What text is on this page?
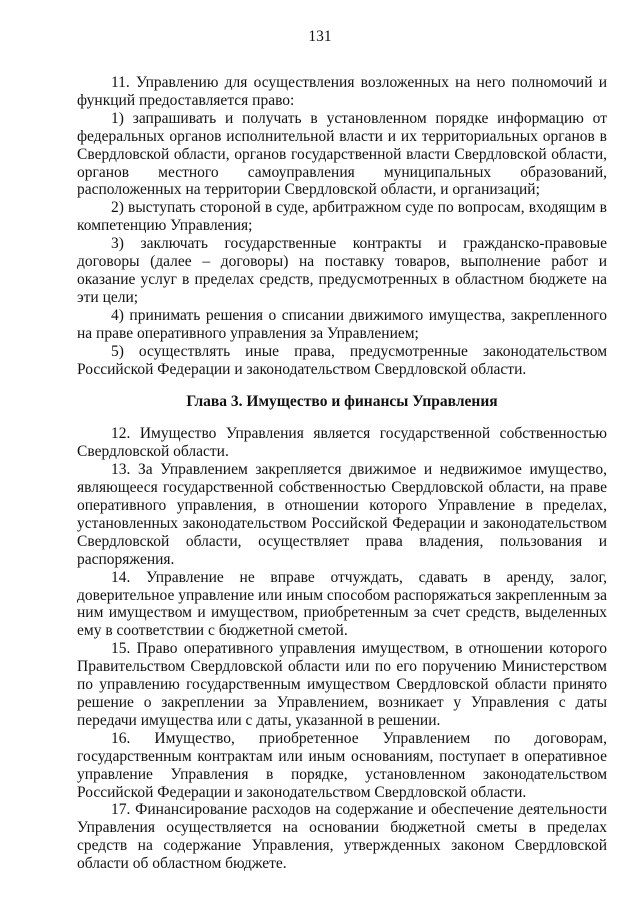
131

11. Управлению для осуществления возложенных на него полномочий и функций предоставляется право:

1) запрашивать и получать в установленном порядке информацию от федеральных органов исполнительной власти и их территориальных органов в Свердловской области, органов государственной власти Свердловской области, органов местного самоуправления муниципальных образований, расположенных на территории Свердловской области, и организаций;

2) выступать стороной в суде, арбитражном суде по вопросам, входящим в компетенцию Управления;

3) заключать государственные контракты и гражданско-правовые договоры (далее – договоры) на поставку товаров, выполнение работ и оказание услуг в пределах средств, предусмотренных в областном бюджете на эти цели;

4) принимать решения о списании движимого имущества, закрепленного на праве оперативного управления за Управлением;

5) осуществлять иные права, предусмотренные законодательством Российской Федерации и законодательством Свердловской области.

Глава 3. Имущество и финансы Управления

12. Имущество Управления является государственной собственностью Свердловской области.

13. За Управлением закрепляется движимое и недвижимое имущество, являющееся государственной собственностью Свердловской области, на праве оперативного управления, в отношении которого Управление в пределах, установленных законодательством Российской Федерации и законодательством Свердловской области, осуществляет права владения, пользования и распоряжения.

14. Управление не вправе отчуждать, сдавать в аренду, залог, доверительное управление или иным способом распоряжаться закрепленным за ним имуществом и имуществом, приобретенным за счет средств, выделенных ему в соответствии с бюджетной сметой.

15. Право оперативного управления имуществом, в отношении которого Правительством Свердловской области или по его поручению Министерством по управлению государственным имуществом Свердловской области принято решение о закреплении за Управлением, возникает у Управления с даты передачи имущества или с даты, указанной в решении.

16. Имущество, приобретенное Управлением по договорам, государственным контрактам или иным основаниям, поступает в оперативное управление Управления в порядке, установленном законодательством Российской Федерации и законодательством Свердловской области.

17. Финансирование расходов на содержание и обеспечение деятельности Управления осуществляется на основании бюджетной сметы в пределах средств на содержание Управления, утвержденных законом Свердловской области об областном бюджете.
